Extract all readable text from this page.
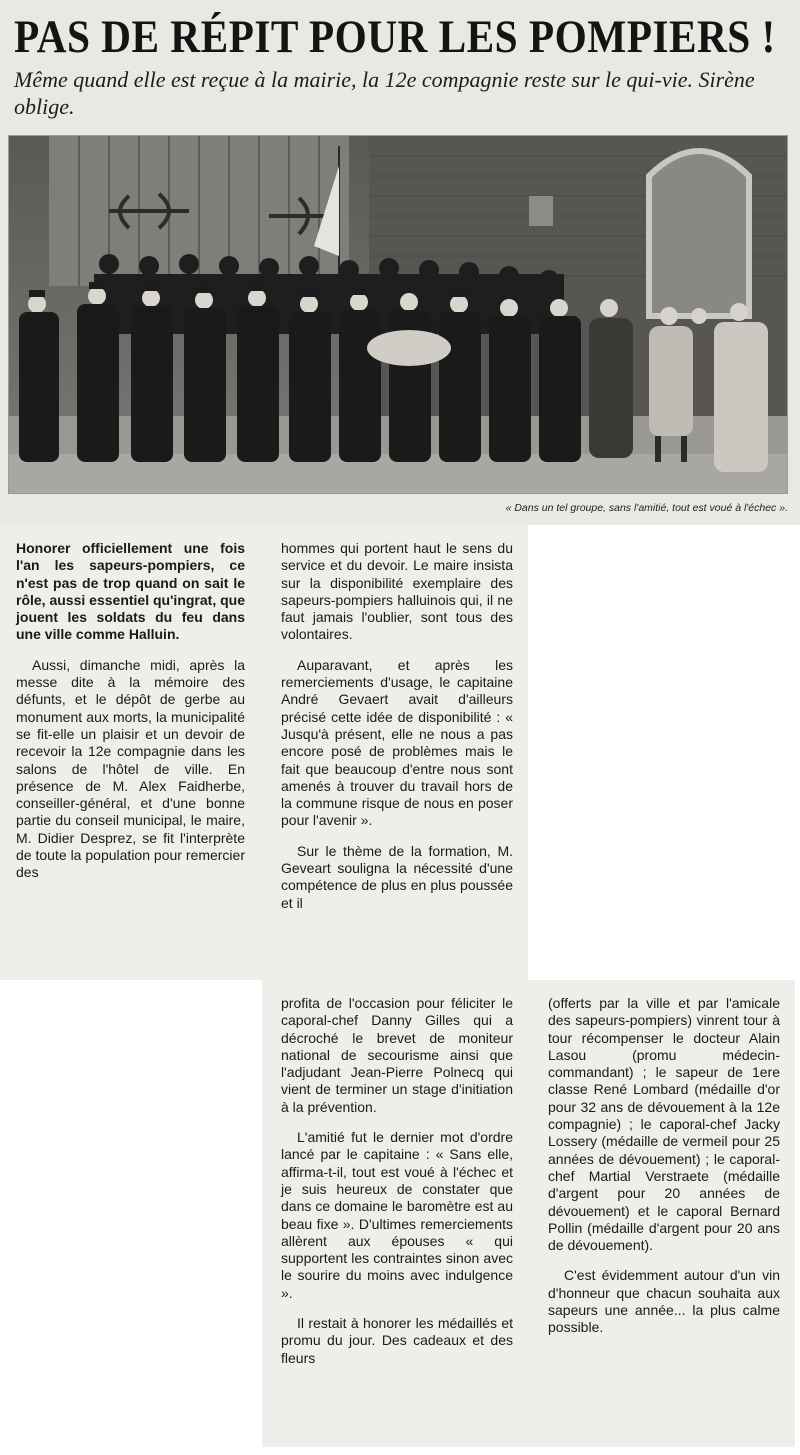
PAS DE RÉPIT POUR LES POMPIERS !
Même quand elle est reçue à la mairie, la 12e compagnie reste sur le qui-vie. Sirène oblige.
« Dans un tel groupe, sans l'amitié, tout est voué à l'échec ».

Honorer officiellement une fois l'an les sapeurs-pompiers, ce n'est pas de trop quand on sait le rôle, aussi essentiel qu'ingrat, que jouent les soldats du feu dans une ville comme Halluin.

Aussi, dimanche midi, après la messe dite à la mémoire des défunts, et le dépôt de gerbe au monument aux morts, la municipalité se fit-elle un plaisir et un devoir de recevoir la 12e compagnie dans les salons de l'hôtel de ville. En présence de M. Alex Faidherbe, conseiller-général, et d'une bonne partie du conseil municipal, le maire, M. Didier Desprez, se fit l'interprète de toute la population pour remercier des

hommes qui portent haut le sens du service et du devoir. Le maire insista sur la disponibilité exemplaire des sapeurs-pompiers halluinois qui, il ne faut jamais l'oublier, sont tous des volontaires.

Auparavant, et après les remerciements d'usage, le capitaine André Gevaert avait d'ailleurs précisé cette idée de disponibilité : « Jusqu'à présent, elle ne nous a pas encore posé de problèmes mais le fait que beaucoup d'entre nous sont amenés à trouver du travail hors de la commune risque de nous en poser pour l'avenir ».

Sur le thème de la formation, M. Geveart souligna la nécessité d'une compétence de plus en plus poussée et il

profita de l'occasion pour féliciter le caporal-chef Danny Gilles qui a décroché le brevet de moniteur national de secourisme ainsi que l'adjudant Jean-Pierre Polnecq qui vient de terminer un stage d'initiation à la prévention.

L'amitié fut le dernier mot d'ordre lancé par le capitaine : « Sans elle, affirma-t-il, tout est voué à l'échec et je suis heureux de constater que dans ce domaine le baromètre est au beau fixe ». D'ultimes remerciements allèrent aux épouses « qui supportent les contraintes sinon avec le sourire du moins avec indulgence ».

Il restait à honorer les médaillés et promu du jour. Des cadeaux et des fleurs

(offerts par la ville et par l'amicale des sapeurs-pompiers) vinrent tour à tour récompenser le docteur Alain Lasou (promu médecin-commandant) ; le sapeur de 1ere classe René Lombard (médaille d'or pour 32 ans de dévouement à la 12e compagnie) ; le caporal-chef Jacky Lossery (médaille de vermeil pour 25 années de dévouement) ; le caporal-chef Martial Verstraete (médaille d'argent pour 20 années de dévouement) et le caporal Bernard Pollin (médaille d'argent pour 20 ans de dévouement).

C'est évidemment autour d'un vin d'honneur que chacun souhaita aux sapeurs une année... la plus calme possible.
